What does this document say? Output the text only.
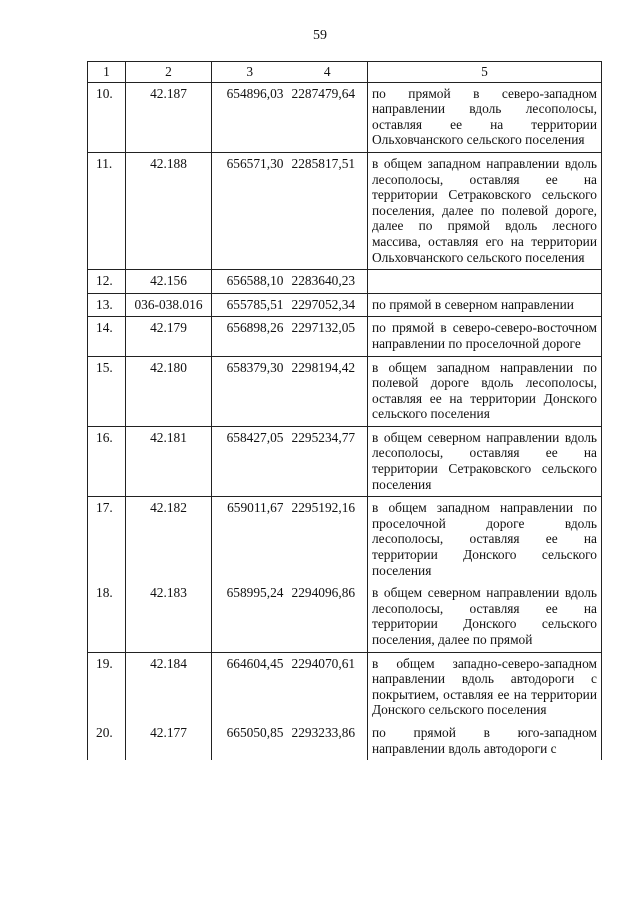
59
1	2	3	4	5
10.	42.187	654896,03	2287479,64	по прямой в северо-западном направлении вдоль лесополосы, оставляя ее на территории Ольховчанского сельского поселения
11.	42.188	656571,30	2285817,51	в общем западном направлении вдоль лесополосы, оставляя ее на территории Сетраковского сельского поселения, далее по полевой дороге, далее по прямой вдоль лесного массива, оставляя его на территории Ольховчанского сельского поселения
12.	42.156	656588,10	2283640,23	
13.	036-038.016	655785,51	2297052,34	по прямой в северном направлении
14.	42.179	656898,26	2297132,05	по прямой в северо-северо-восточном направлении по проселочной дороге
15.	42.180	658379,30	2298194,42	в общем западном направлении по полевой дороге вдоль лесополосы, оставляя ее на территории Донского сельского поселения
16.	42.181	658427,05	2295234,77	в общем северном направлении вдоль лесополосы, оставляя ее на территории Сетраковского сельского поселения
17.	42.182	659011,67	2295192,16	в общем западном направлении по проселочной дороге вдоль лесополосы, оставляя ее на территории Донского сельского поселения
18.	42.183	658995,24	2294096,86	в общем северном направлении вдоль лесополосы, оставляя ее на территории Донского сельского поселения, далее по прямой
19.	42.184	664604,45	2294070,61	в общем западно-северо-западном направлении вдоль автодороги с покрытием, оставляя ее на территории Донского сельского поселения
20.	42.177	665050,85	2293233,86	по прямой в юго-западном направлении вдоль автодороги с
